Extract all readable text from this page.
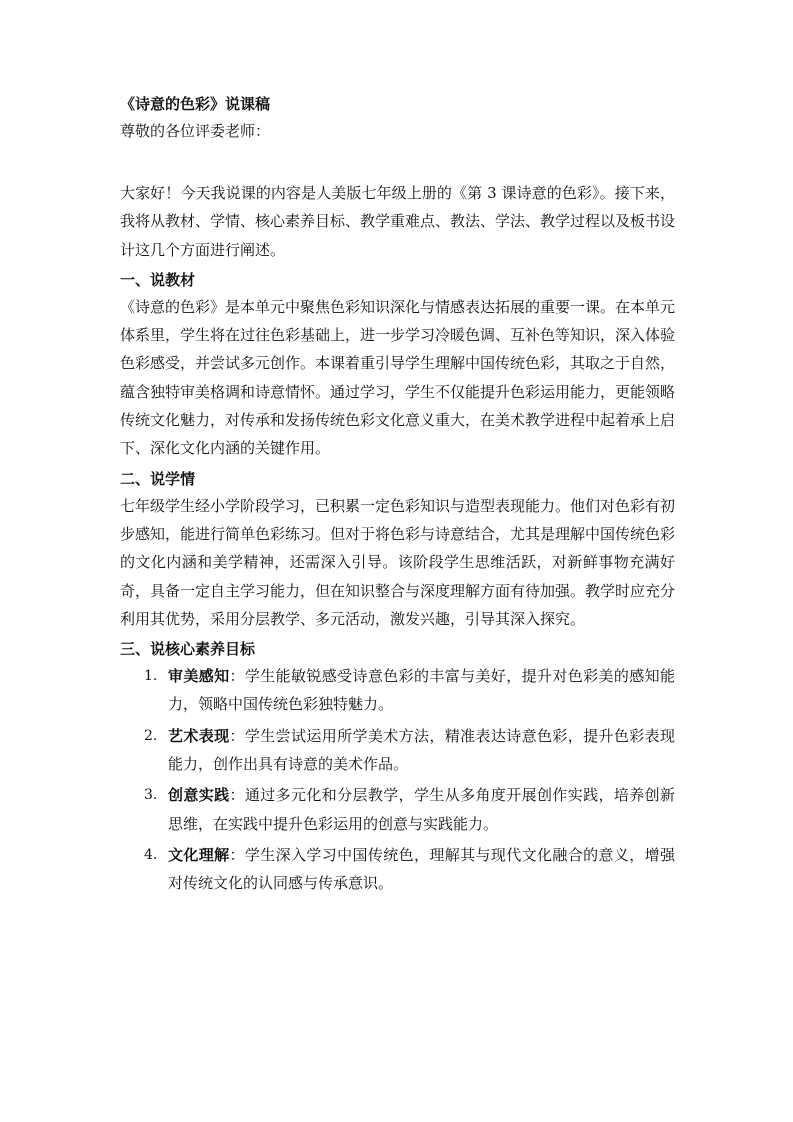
《诗意的色彩》说课稿
尊敬的各位评委老师：

大家好！今天我说课的内容是人美版七年级上册的《第 3 课诗意的色彩》。接下来，我将从教材、学情、核心素养目标、教学重难点、教法、学法、教学过程以及板书设计这几个方面进行阐述。

一、说教材

《诗意的色彩》是本单元中聚焦色彩知识深化与情感表达拓展的重要一课。在本单元体系里，学生将在过往色彩基础上，进一步学习冷暖色调、互补色等知识，深入体验色彩感受，并尝试多元创作。本课着重引导学生理解中国传统色彩，其取之于自然，蕴含独特审美格调和诗意情怀。通过学习，学生不仅能提升色彩运用能力，更能领略传统文化魅力，对传承和发扬传统色彩文化意义重大，在美术教学进程中起着承上启下、深化文化内涵的关键作用。

二、说学情

七年级学生经小学阶段学习，已积累一定色彩知识与造型表现能力。他们对色彩有初步感知，能进行简单色彩练习。但对于将色彩与诗意结合，尤其是理解中国传统色彩的文化内涵和美学精神，还需深入引导。该阶段学生思维活跃，对新鲜事物充满好奇，具备一定自主学习能力，但在知识整合与深度理解方面有待加强。教学时应充分利用其优势，采用分层教学、多元活动，激发兴趣，引导其深入探究。

三、说核心素养目标
1. 审美感知：学生能敏锐感受诗意色彩的丰富与美好，提升对色彩美的感知能力，领略中国传统色彩独特魅力。
2. 艺术表现：学生尝试运用所学美术方法，精准表达诗意色彩，提升色彩表现能力，创作出具有诗意的美术作品。
3. 创意实践：通过多元化和分层教学，学生从多角度开展创作实践，培养创新思维，在实践中提升色彩运用的创意与实践能力。
4. 文化理解：学生深入学习中国传统色，理解其与现代文化融合的意义，增强对传统文化的认同感与传承意识。
